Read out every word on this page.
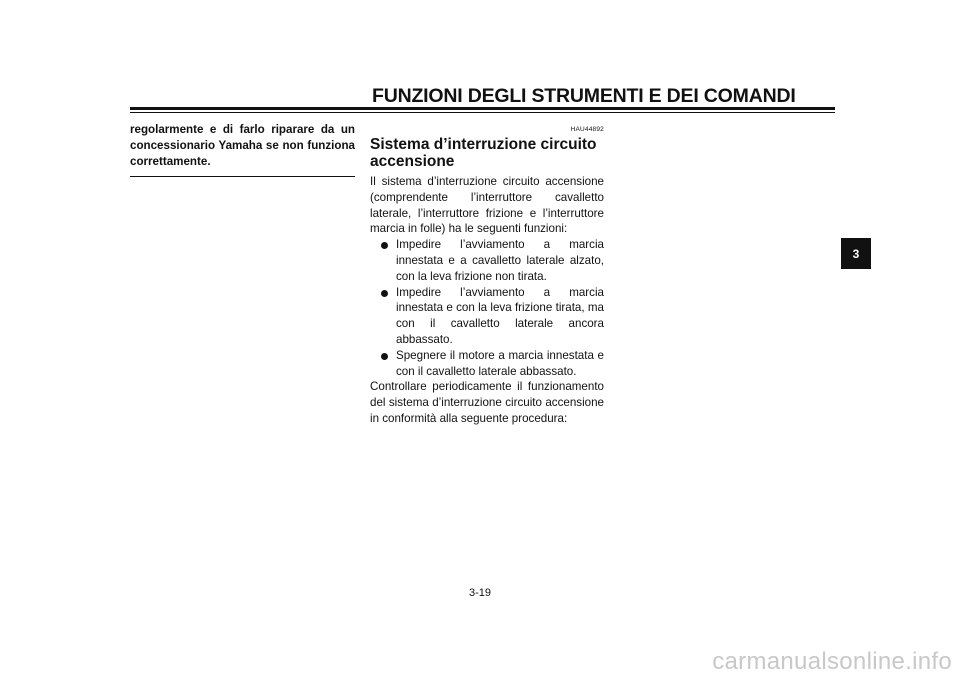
FUNZIONI DEGLI STRUMENTI E DEI COMANDI

regolarmente e di farlo riparare da un concessionario Yamaha se non funziona correttamente.

HAU44892

Sistema d’interruzione circuito accensione

Il sistema d’interruzione circuito accensione (comprendente l’interruttore cavalletto laterale, l’interruttore frizione e l’interruttore marcia in folle) ha le seguenti funzioni:

Impedire l’avviamento a marcia innestata e a cavalletto laterale alzato, con la leva frizione non tirata.
Impedire l’avviamento a marcia innestata e con la leva frizione tirata, ma con il cavalletto laterale ancora abbassato.
Spegnere il motore a marcia innestata e con il cavalletto laterale abbassato.

Controllare periodicamente il funzionamento del sistema d’interruzione circuito accensione in conformità alla seguente procedura:

3
3-19
carmanualsonline.info
